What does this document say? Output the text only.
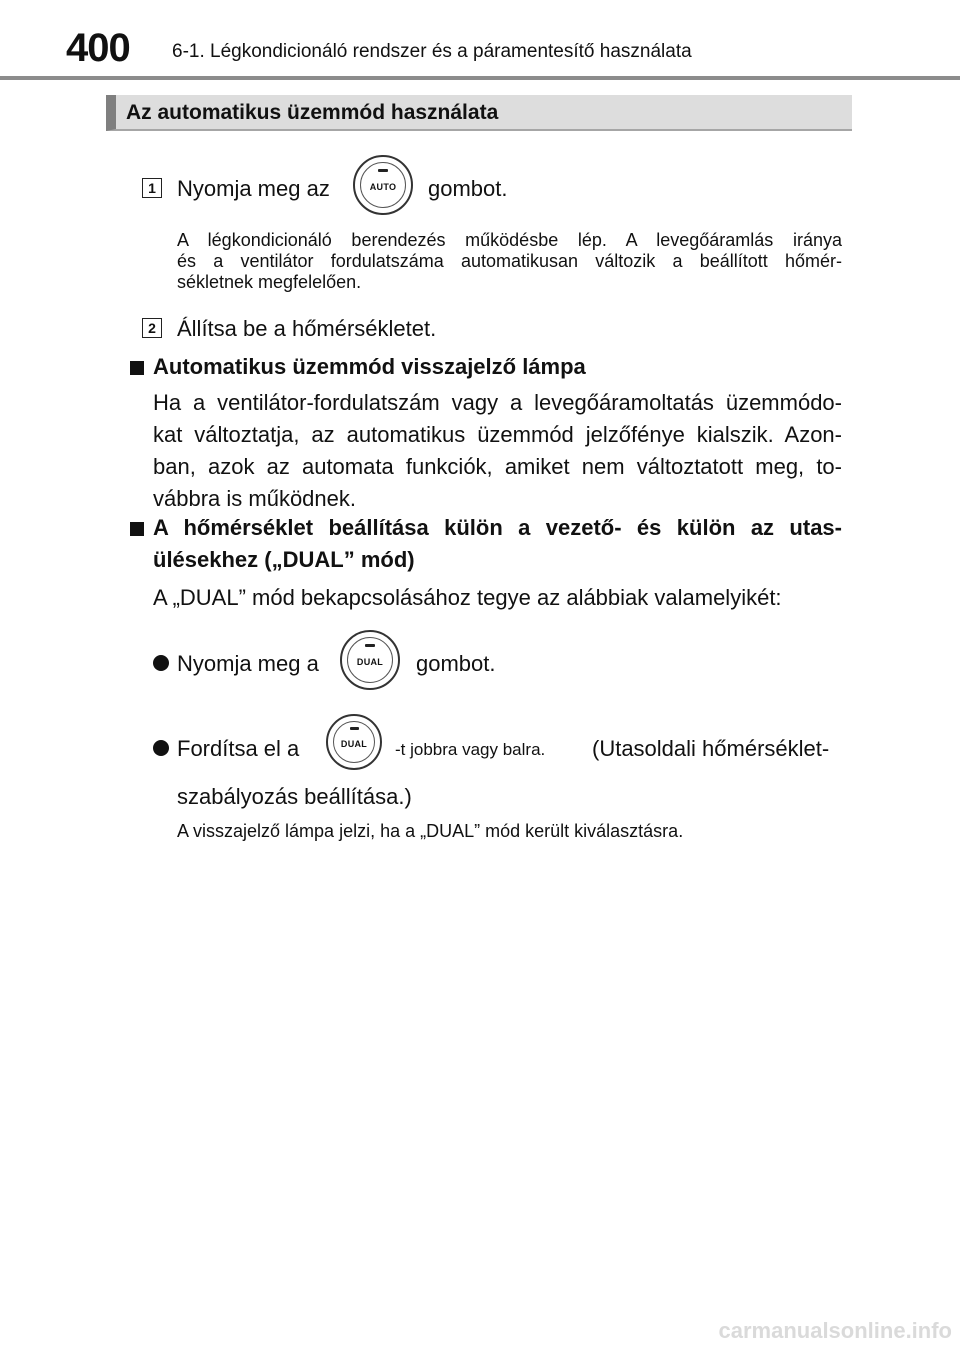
400 6-1. Légkondicionáló rendszer és a páramentesítő használata
Az automatikus üzemmód használata
1 Nyomja meg az	AUTO	gombot.
A légkondicionáló berendezés működésbe lép. A levegőáramlás iránya
és a ventilátor fordulatszáma automatikusan változik a beállított hőmér-
sékletnek megfelelően.
2 Állítsa be a hőmérsékletet.
Automatikus üzemmód visszajelző lámpa
Ha a ventilátor-fordulatszám vagy a levegőáramoltatás üzemmódo-
kat változtatja, az automatikus üzemmód jelzőfénye kialszik. Azon-
ban, azok az automata funkciók, amiket nem változtatott meg, to-
vábbra is működnek.
A hőmérséklet beállítása külön a vezető- és külön az utas-
ülésekhez („DUAL” mód)
A „DUAL” mód bekapcsolásához tegye az alábbiak valamelyikét:
Nyomja meg a	DUAL	gombot.
Fordítsa el a	DUAL	-t jobbra vagy balra. (Utasoldali hőmérséklet-
szabályozás beállítása.)
A visszajelző lámpa jelzi, ha a „DUAL” mód került kiválasztásra.
carmanualsonline.info
